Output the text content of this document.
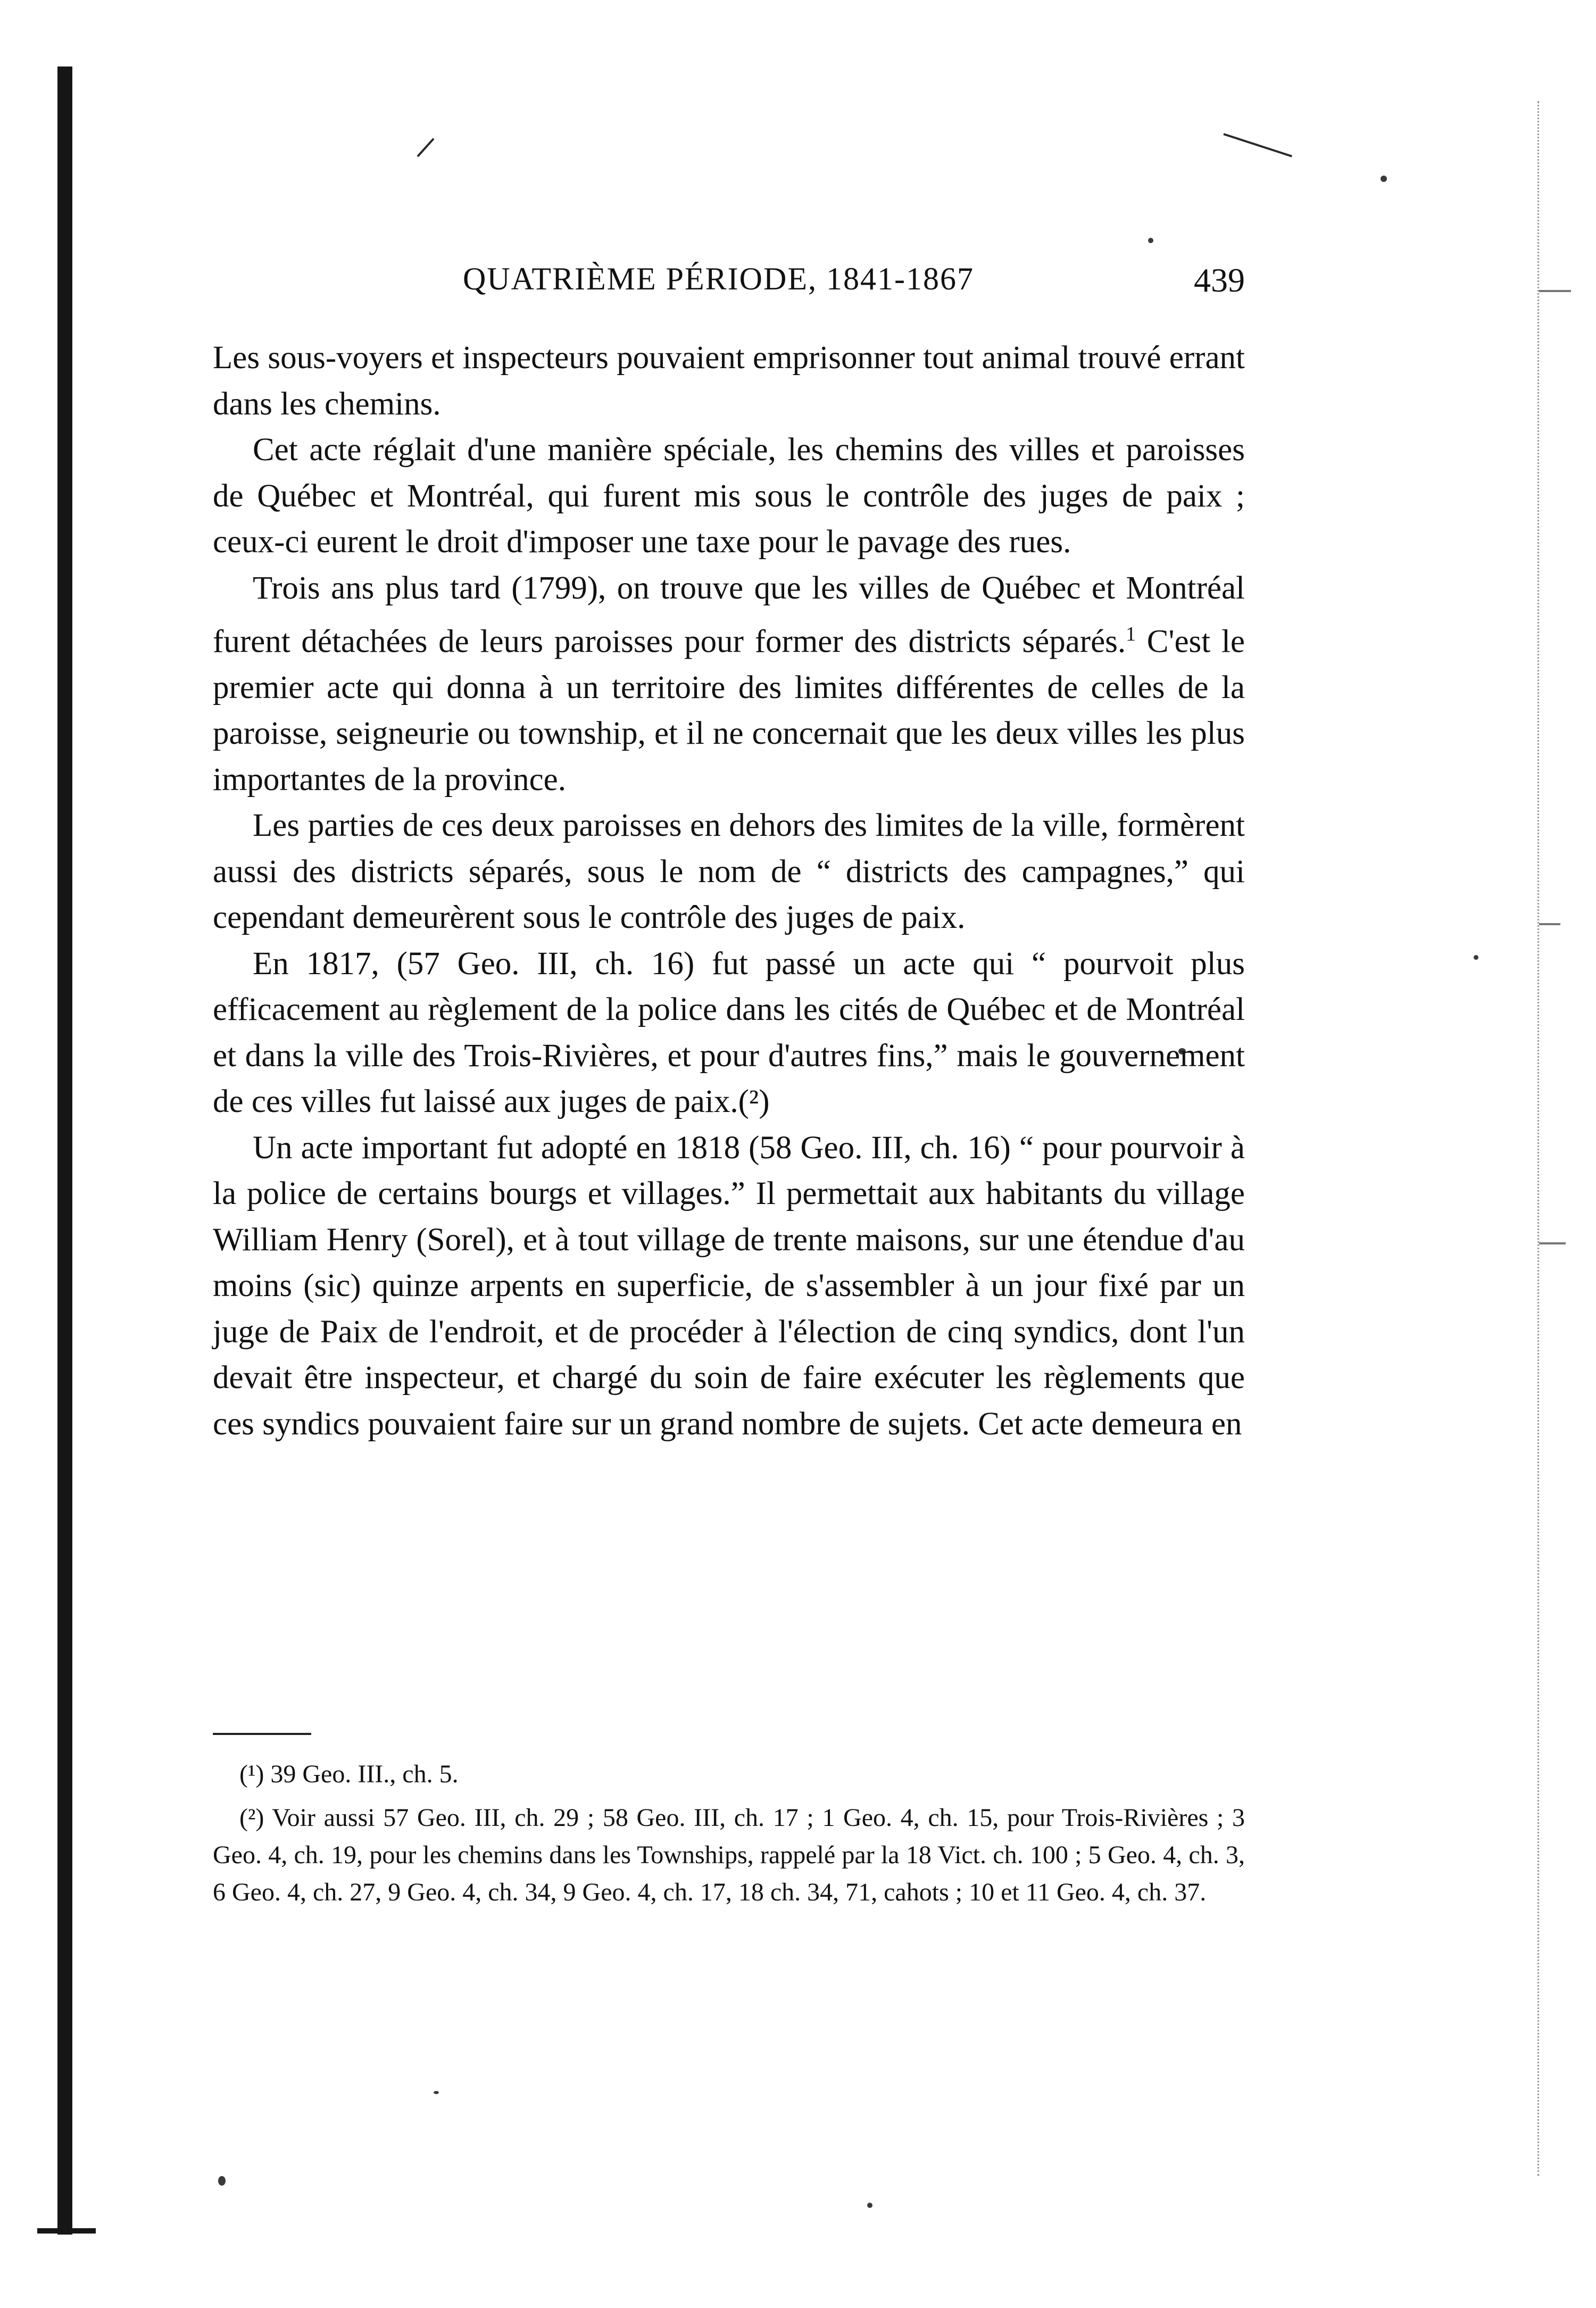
QUATRIÈME PÉRIODE, 1841-1867	439

Les sous-voyers et inspecteurs pouvaient emprisonner tout animal trouvé errant dans les chemins.

Cet acte réglait d'une manière spéciale, les chemins des villes et paroisses de Québec et Montréal, qui furent mis sous le contrôle des juges de paix ; ceux-ci eurent le droit d'imposer une taxe pour le pavage des rues.

Trois ans plus tard (1799), on trouve que les villes de Québec et Montréal furent détachées de leurs paroisses pour former des districts séparés.$^1$ C'est le premier acte qui donna à un territoire des limites différentes de celles de la paroisse, seigneurie ou township, et il ne concernait que les deux villes les plus importantes de la province.

Les parties de ces deux paroisses en dehors des limites de la ville, formèrent aussi des districts séparés, sous le nom de “ districts des campagnes,” qui cependant demeurèrent sous le contrôle des juges de paix.

En 1817, (57 Geo. III, ch. 16) fut passé un acte qui “ pourvoit plus efficacement au règlement de la police dans les cités de Québec et de Montréal et dans la ville des Trois-Rivières, et pour d'autres fins,” mais le gouvernement de ces villes fut laissé aux juges de paix.(²)

Un acte important fut adopté en 1818 (58 Geo. III, ch. 16) “ pour pourvoir à la police de certains bourgs et villages.” Il permettait aux habitants du village William Henry (Sorel), et à tout village de trente maisons, sur une étendue d'au moins (sic) quinze arpents en superficie, de s'assembler à un jour fixé par un juge de Paix de l'endroit, et de procéder à l'élection de cinq syndics, dont l'un devait être inspecteur, et chargé du soin de faire exécuter les règlements que ces syndics pouvaient faire sur un grand nombre de sujets. Cet acte demeura en

(¹) 39 Geo. III., ch. 5.

(²) Voir aussi 57 Geo. III, ch. 29 ; 58 Geo. III, ch. 17 ; 1 Geo. 4, ch. 15, pour Trois-Rivières ; 3 Geo. 4, ch. 19, pour les chemins dans les Townships, rappelé par la 18 Vict. ch. 100 ; 5 Geo. 4, ch. 3, 6 Geo. 4, ch. 27, 9 Geo. 4, ch. 34, 9 Geo. 4, ch. 17, 18 ch. 34, 71, cahots ; 10 et 11 Geo. 4, ch. 37.
